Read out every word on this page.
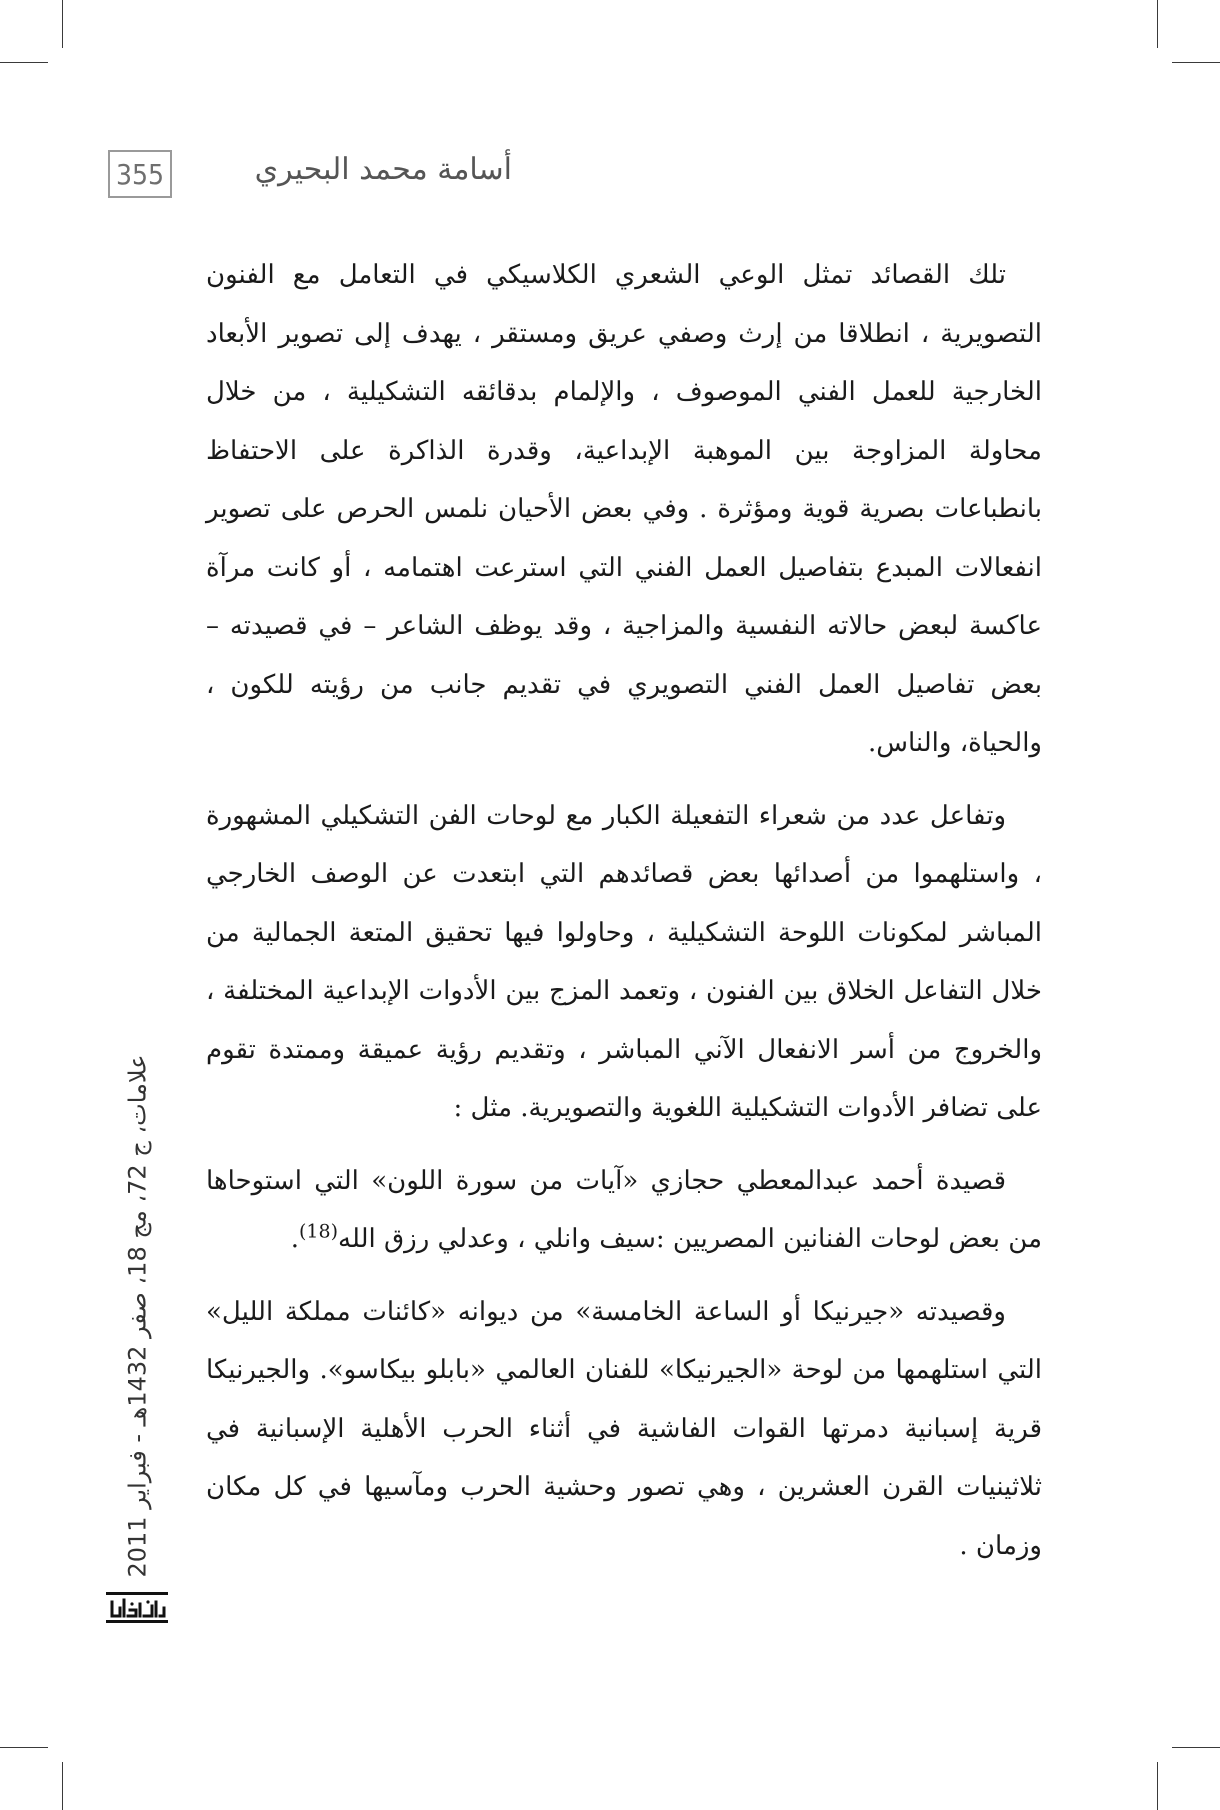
355	أسامة محمد البحيري

تلك القصائد تمثل الوعي الشعري الكلاسيكي في التعامل مع الفنون التصويرية ، انطلاقا من إرث وصفي عريق ومستقر ، يهدف إلى تصوير الأبعاد الخارجية للعمل الفني الموصوف ، والإلمام بدقائقه التشكيلية ، من خلال محاولة المزاوجة بين الموهبة الإبداعية، وقدرة الذاكرة على الاحتفاظ بانطباعات بصرية قوية ومؤثرة . وفي بعض الأحيان نلمس الحرص على تصوير انفعالات المبدع بتفاصيل العمل الفني التي استرعت اهتمامه ، أو كانت مرآة عاكسة لبعض حالاته النفسية والمزاجية ، وقد يوظف الشاعر – في قصيدته – بعض تفاصيل العمل الفني التصويري في تقديم جانب من رؤيته للكون ، والحياة، والناس.

وتفاعل عدد من شعراء التفعيلة الكبار مع لوحات الفن التشكيلي المشهورة ، واستلهموا من أصدائها بعض قصائدهم التي ابتعدت عن الوصف الخارجي المباشر لمكونات اللوحة التشكيلية ، وحاولوا فيها تحقيق المتعة الجمالية من خلال التفاعل الخلاق بين الفنون ، وتعمد المزج بين الأدوات الإبداعية المختلفة ، والخروج من أسر الانفعال الآني المباشر ، وتقديم رؤية عميقة وممتدة تقوم على تضافر الأدوات التشكيلية اللغوية والتصويرية. مثل :

قصيدة أحمد عبدالمعطي حجازي «آيات من سورة اللون» التي استوحاها من بعض لوحات الفنانين المصريين :سيف وانلي ، وعدلي رزق الله$^{(18)}$.

وقصيدته «جيرنيكا أو الساعة الخامسة» من ديوانه «كائنات مملكة الليل» التي استلهمها من لوحة «الجيرنيكا» للفنان العالمي «بابلو بيكاسو». والجيرنيكا قرية إسبانية دمرتها القوات الفاشية في أثناء الحرب الأهلية الإسبانية في ثلاثينيات القرن العشرين ، وهي تصور وحشية الحرب ومآسيها في كل مكان وزمان .

علامات، ج 72، مج 18، صفر 1432هـ - فبراير 2011
